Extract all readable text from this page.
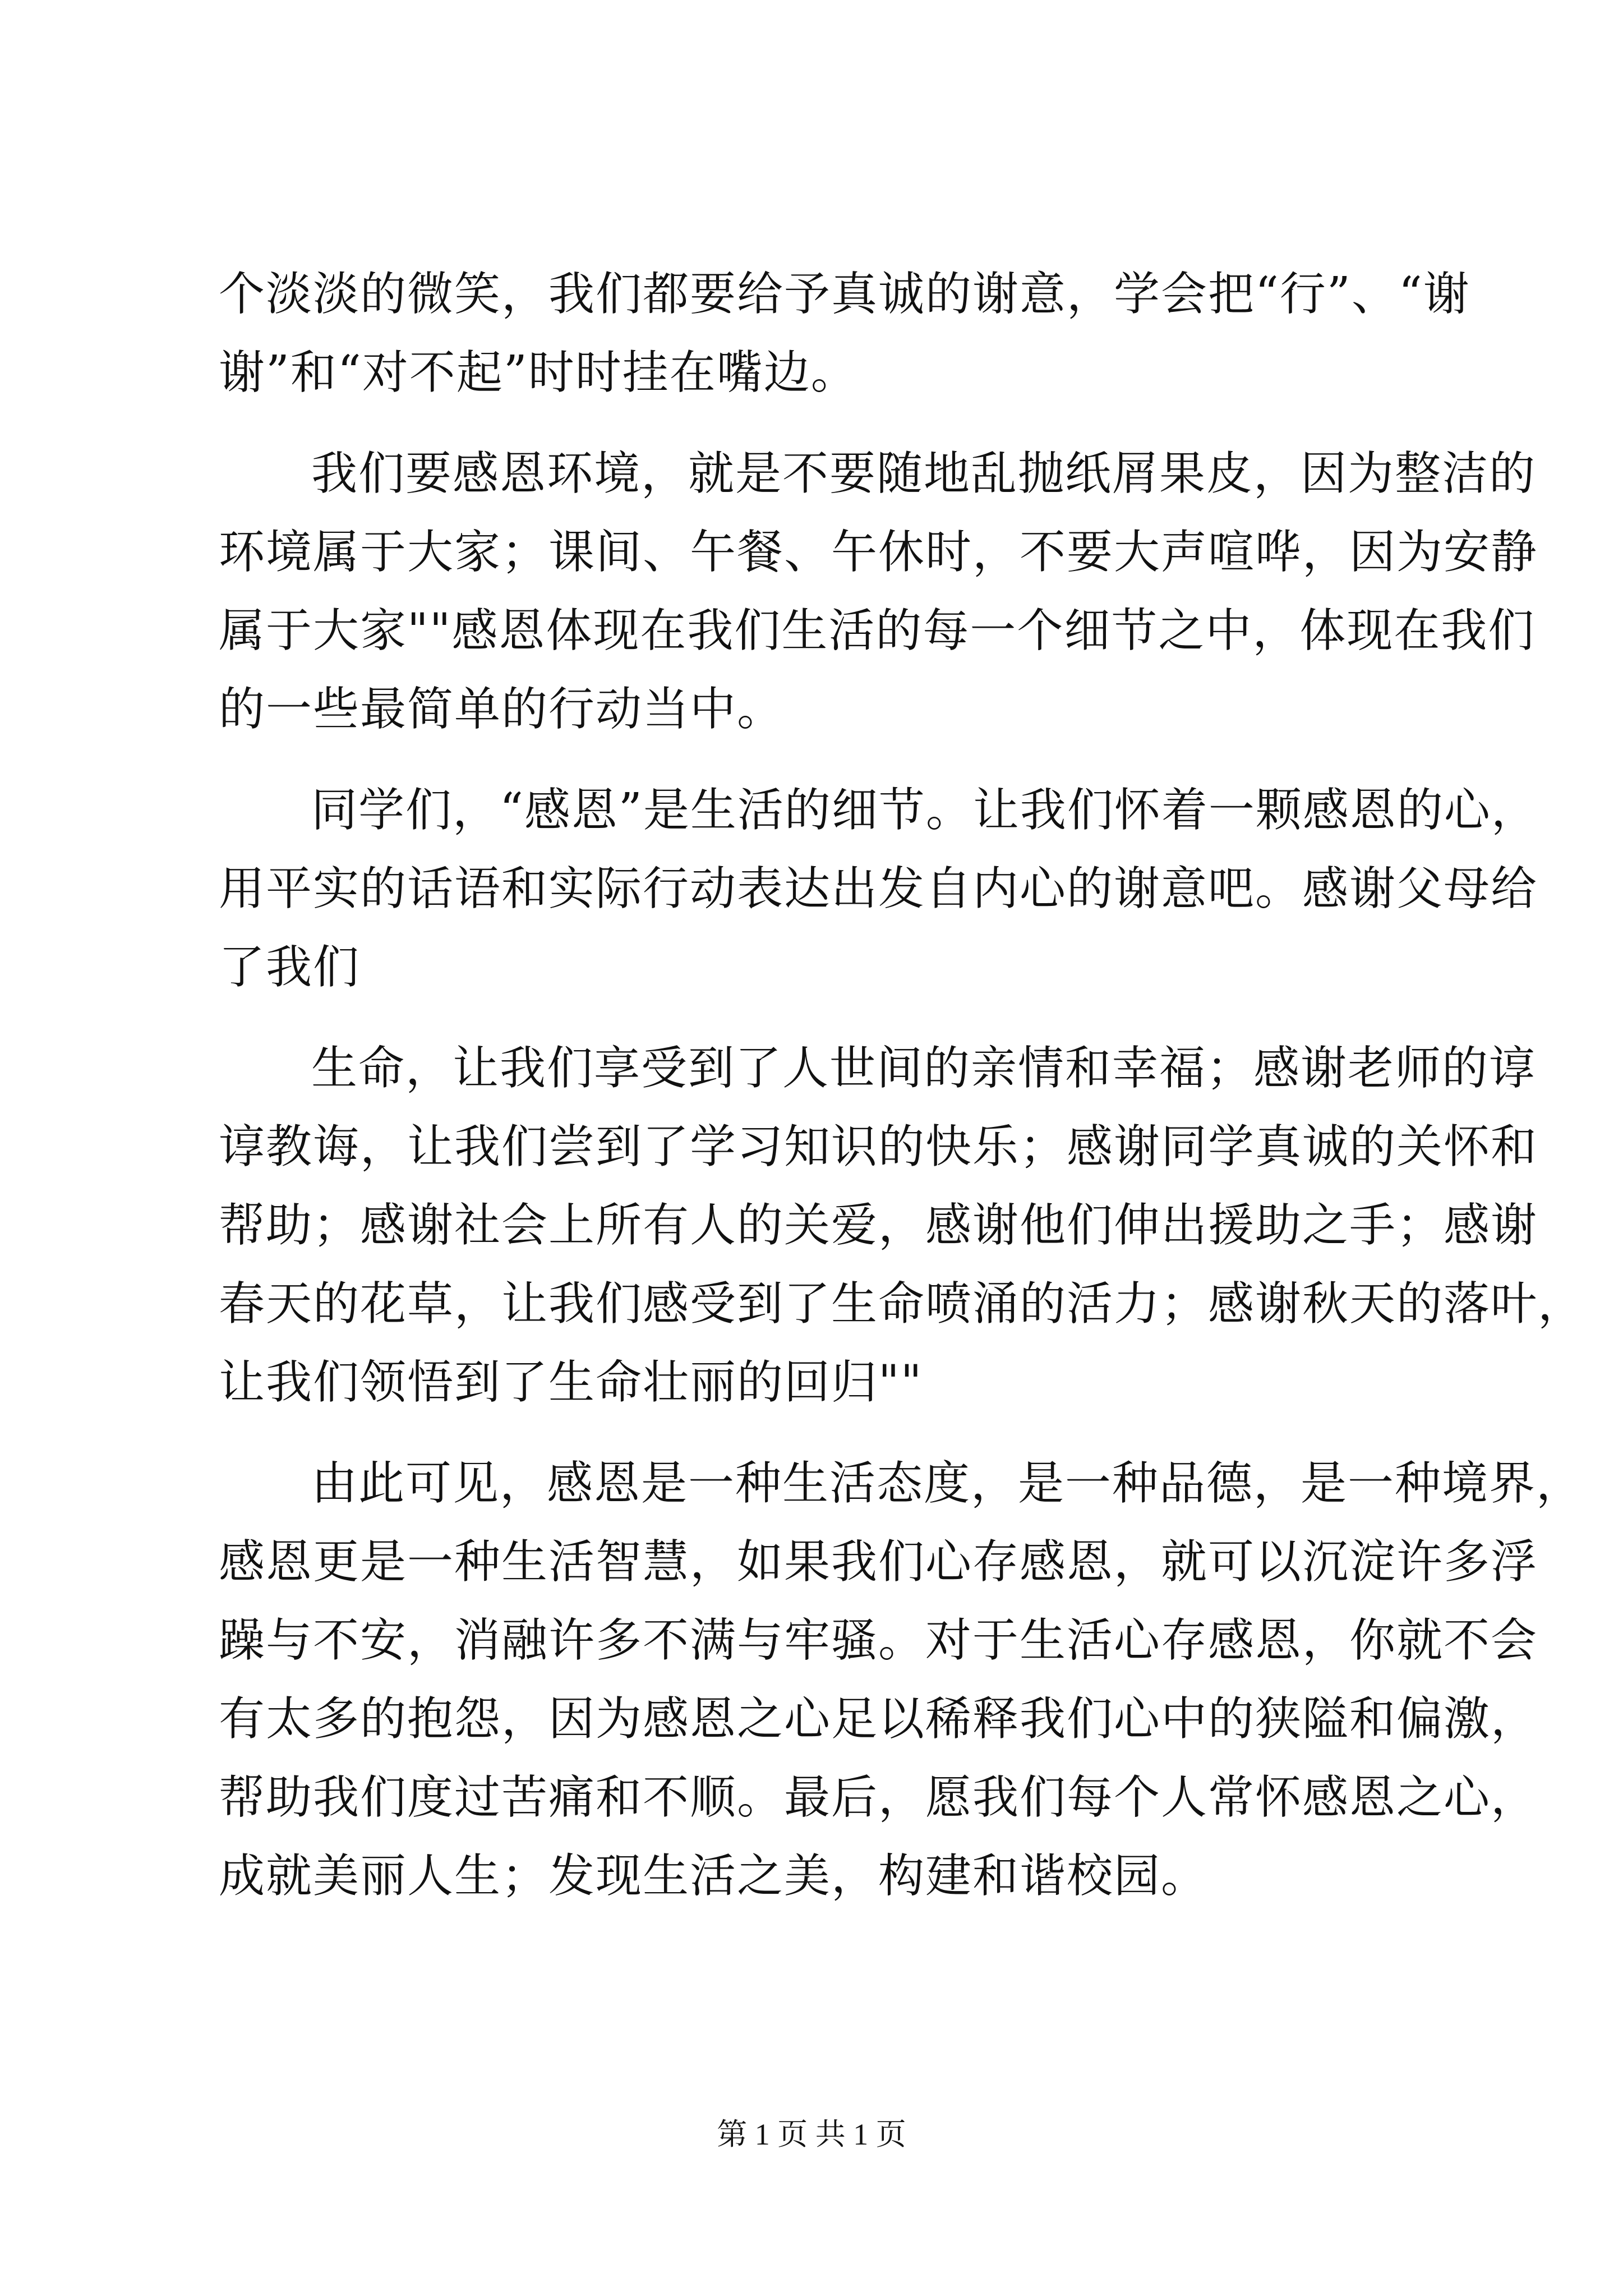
个淡淡的微笑，我们都要给予真诚的谢意，学会把“行”、“谢
谢”和“对不起”时时挂在嘴边。
我们要感恩环境，就是不要随地乱抛纸屑果皮，因为整洁的
环境属于大家；课间、午餐、午休时，不要大声喧哗，因为安静
属于大家""感恩体现在我们生活的每一个细节之中，体现在我们
的一些最简单的行动当中。
同学们，“感恩”是生活的细节。让我们怀着一颗感恩的心，
用平实的话语和实际行动表达出发自内心的谢意吧。感谢父母给
了我们
生命，让我们享受到了人世间的亲情和幸福；感谢老师的谆
谆教诲，让我们尝到了学习知识的快乐；感谢同学真诚的关怀和
帮助；感谢社会上所有人的关爱，感谢他们伸出援助之手；感谢
春天的花草，让我们感受到了生命喷涌的活力；感谢秋天的落叶，
让我们领悟到了生命壮丽的回归""
由此可见，感恩是一种生活态度，是一种品德，是一种境界，
感恩更是一种生活智慧，如果我们心存感恩，就可以沉淀许多浮
躁与不安，消融许多不满与牢骚。对于生活心存感恩，你就不会
有太多的抱怨，因为感恩之心足以稀释我们心中的狭隘和偏激，
帮助我们度过苦痛和不顺。最后，愿我们每个人常怀感恩之心，
成就美丽人生；发现生活之美，构建和谐校园。
第 1 页 共 1 页
